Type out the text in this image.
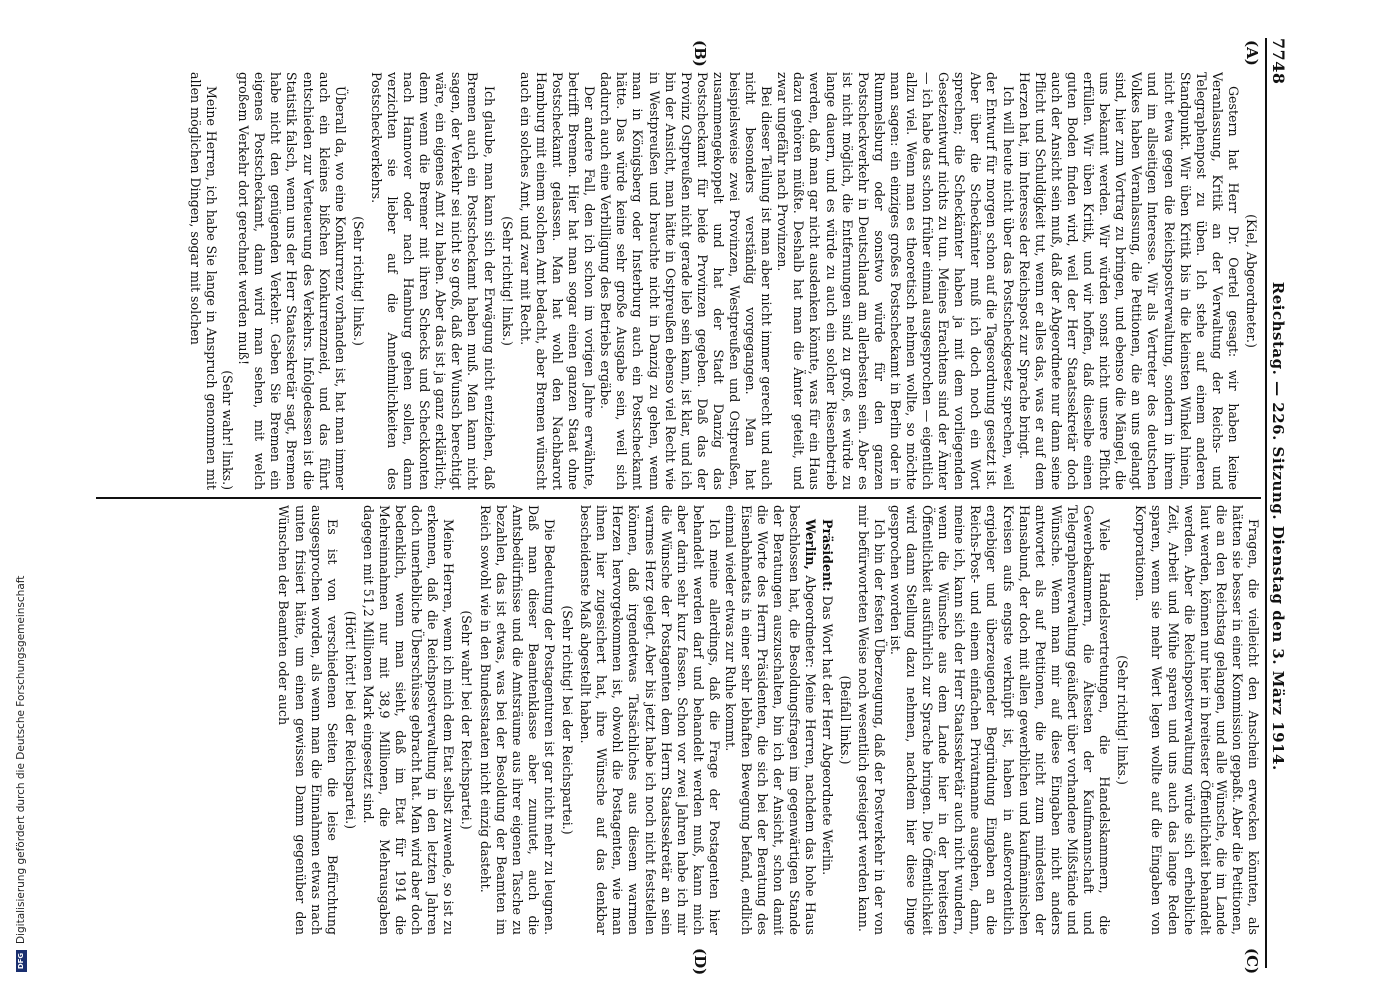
7748
Reichstag. — 226. Sitzung. Dienstag den 3. März 1914.
(A)
(B)
(C)
(D)

(Kiel, Abgeordneter.)

Gestern hat Herr Dr. Oertel gesagt: wir haben keine Veranlassung, Kritik an der Verwaltung der Reichs- und Telegraphenpost zu üben. Ich stehe auf einem anderen Standpunkt. Wir üben Kritik bis in die kleinsten Winkel hinein, nicht etwa gegen die Reichspostverwaltung, sondern in ihrem und im allseitigen Interesse. Wir als Vertreter des deutschen Volkes haben Veranlassung, die Petitionen, die an uns gelangt sind, hier zum Vortrag zu bringen, und ebenso die Mängel, die uns bekannt werden. Wir würden sonst nicht unsere Pflicht erfüllen. Wir üben Kritik, und wir hoffen, daß dieselbe einen guten Boden finden wird, weil der Herr Staatssekretär doch auch der Ansicht sein muß, daß der Abgeordnete nur dann seine Pflicht und Schuldigkeit tut, wenn er alles das, was er auf dem Herzen hat, im Interesse der Reichspost zur Sprache bringt.

Ich will heute nicht über das Postscheckgesetz sprechen, weil der Entwurf für morgen schon auf die Tagesordnung gesetzt ist. Aber über die Scheckämter muß ich doch noch ein Wort sprechen; die Scheckämter haben ja mit dem vorliegenden Gesetzentwurf nichts zu tun. Meines Erachtens sind der Ämter — ich habe das schon früher einmal ausgesprochen — eigentlich allzu viel. Wenn man es theoretisch nehmen wollte, so möchte man sagen: ein einziges großes Postscheckamt in Berlin oder in Rummelsburg oder sonstwo würde für den ganzen Postscheckverkehr in Deutschland am allerbesten sein. Aber es ist nicht möglich, die Entfernungen sind zu groß, es würde zu lange dauern, und es würde zu auch ein solcher Riesenbetrieb werden, daß man gar nicht ausdenken könnte, was für ein Haus dazu gehören müßte. Deshalb hat man die Ämter geteilt, und zwar ungefähr nach Provinzen.

Bei dieser Teilung ist man aber nicht immer gerecht und auch nicht besonders verständig vorgegangen. Man hat beispielsweise zwei Provinzen, Westpreußen und Ostpreußen, zusammengekoppelt und hat der Stadt Danzig das Postscheckamt für beide Provinzen gegeben. Daß das der Provinz Ostpreußen nicht gerade lieb sein kann, ist klar, und ich bin der Ansicht, man hätte in Ostpreußen ebenso viel Recht wie in Westpreußen und brauchte nicht in Danzig zu gehen, wenn man in Königsberg oder Insterburg auch ein Postscheckamt hätte. Das würde keine sehr große Ausgabe sein, weil sich dadurch auch eine Verbilligung des Betriebs ergäbe.

Der andere Fall, den ich schon im vorigen Jahre erwähnte, betrifft Bremen. Hier hat man sogar einen ganzen Staat ohne Postscheckamt gelassen. Man hat wohl den Nachbarort Hamburg mit einem solchen Amt bedacht, aber Bremen wünscht auch ein solches Amt, und zwar mit Recht.

(Sehr richtig! links.)

Ich glaube, man kann sich der Erwägung nicht entziehen, daß Bremen auch ein Postscheckamt haben muß. Man kann nicht sagen, der Verkehr sei nicht so groß, daß der Wunsch berechtigt wäre, ein eigenes Amt zu haben. Aber das ist ja ganz erklärlich; denn wenn die Bremer mit ihren Schecks und Scheckkonten nach Hannover oder nach Hamburg gehen sollen, dann verzichten sie lieber auf die Annehmlichkeiten des Postscheckverkehrs.

(Sehr richtig! links.)

Überall da, wo eine Konkurrenz vorhanden ist, hat man immer auch ein kleines bißchen Konkurrenzneid, und das führt entschieden zur Verteuerung des Verkehrs. Infolgedessen ist die Statistik falsch, wenn uns der Herr Staatssekretär sagt, Bremen habe nicht den genügenden Verkehr. Geben Sie Bremen ein eigenes Postscheckamt, dann wird man sehen, mit welch großem Verkehr dort gerechnet werden muß!

(Sehr wahr! links.)

Meine Herren, ich habe Sie lange in Anspruch genommen mit allen möglichen Dingen, sogar mit solchen

Fragen, die vielleicht den Anschein erwecken könnten, als hätten sie besser in einer Kommission gepaßt. Aber die Petitionen, die an den Reichstag gelangen, und alle Wünsche, die im Lande laut werden, können nur hier in breitester Öffentlichkeit behandelt werden. Aber die Reichspostverwaltung würde sich erhebliche Zeit, Arbeit und Mühe sparen und uns auch das lange Reden sparen, wenn sie mehr Wert legen wollte auf die Eingaben von Korporationen.

(Sehr richtig! links.)

Viele Handelsvertretungen, die Handelskammern, die Gewerbekammern, die Ältesten der Kaufmannschaft und Telegraphenverwaltung geäußert über vorhandene Mißstände und Wünsche. Wenn man mir auf diese Eingaben nicht anders antwortet als auf Petitionen, die nicht zum mindesten der Hansabund, der doch mit allen gewerblichen und kaufmännischen Kreisen aufs engste verknüpft ist, haben in außerordentlich ergiebiger und überzeugender Begründung Eingaben an die Reichs-Post- und einem einfachen Privatmanne ausgehen, dann, meine ich, kann sich der Herr Staatssekretär auch nicht wundern, wenn die Wünsche aus dem Lande hier in der breitesten Öffentlichkeit ausführlich zur Sprache bringen. Die Öffentlichkeit wird dann Stellung dazu nehmen, nachdem hier diese Dinge gesprochen worden ist.

Ich bin der festen Überzeugung, daß der Postverkehr in der von mir befürworteten Weise noch wesentlich gesteigert werden kann.

(Beifall links.)

Präsident: Das Wort hat der Herr Abgeordnete Werlin.

Werlin, Abgeordneter: Meine Herren, nachdem das hohe Haus beschlossen hat, die Besoldungsfragen im gegenwärtigen Stande der Beratungen auszuschalten, bin ich der Ansicht, schon damit die Worte des Herrn Präsidenten, die sich bei der Beratung des Eisenbahnetats in einer sehr lebhaften Bewegung befand, endlich einmal wieder etwas zur Ruhe kommt.

Ich meine allerdings, daß die Frage der Postagenten hier behandelt werden darf und behandelt werden muß, kann mich aber darin sehr kurz fassen. Schon vor zwei Jahren habe ich mir die Wünsche der Postagenten dem Herrn Staatssekretär an sein warmes Herz gelegt. Aber bis jetzt habe ich noch nicht feststellen können, daß irgendetwas Tatsächliches aus diesem warmen Herzen hervorgekommen ist, obwohl die Postagenten, wie man ihnen hier zugesichert hat, ihre Wünsche auf das denkbar bescheidenste Maß abgestellt haben.

(Sehr richtig! bei der Reichspartei.)

Die Bedeutung der Postagenturen ist gar nicht mehr zu leugnen. Daß man dieser Beamtenklasse aber zumutet, auch die Amtsbedürfnisse und die Amtsräume aus ihrer eigenen Tasche zu bezahlen, das ist etwas, was bei der Besoldung der Beamten im Reich sowohl wie in den Bundesstaaten nicht einzig dasteht.

(Sehr wahr! bei der Reichspartei.)

Meine Herren, wenn ich mich dem Etat selbst zuwende, so ist zu erkennen, daß die Reichspostverwaltung in den letzten Jahren doch unerhebliche Überschüsse gebracht hat. Man wird aber doch bedenklich, wenn man sieht, daß im Etat für 1914 die Mehreinnahmen nur mit 38,9 Millionen, die Mehrausgaben dagegen mit 51,2 Millionen Mark eingesetzt sind.

(Hört! hört! bei der Reichspartei.)

Es ist von verschiedenen Seiten die leise Befürchtung ausgesprochen worden, als wenn man die Einnahmen etwas nach unten frisiert hätte, um einen gewissen Damm gegenüber den Wünschen der Beamten oder auch

DFG
Digitalisierung gefördert durch die Deutsche Forschungsgemeinschaft
